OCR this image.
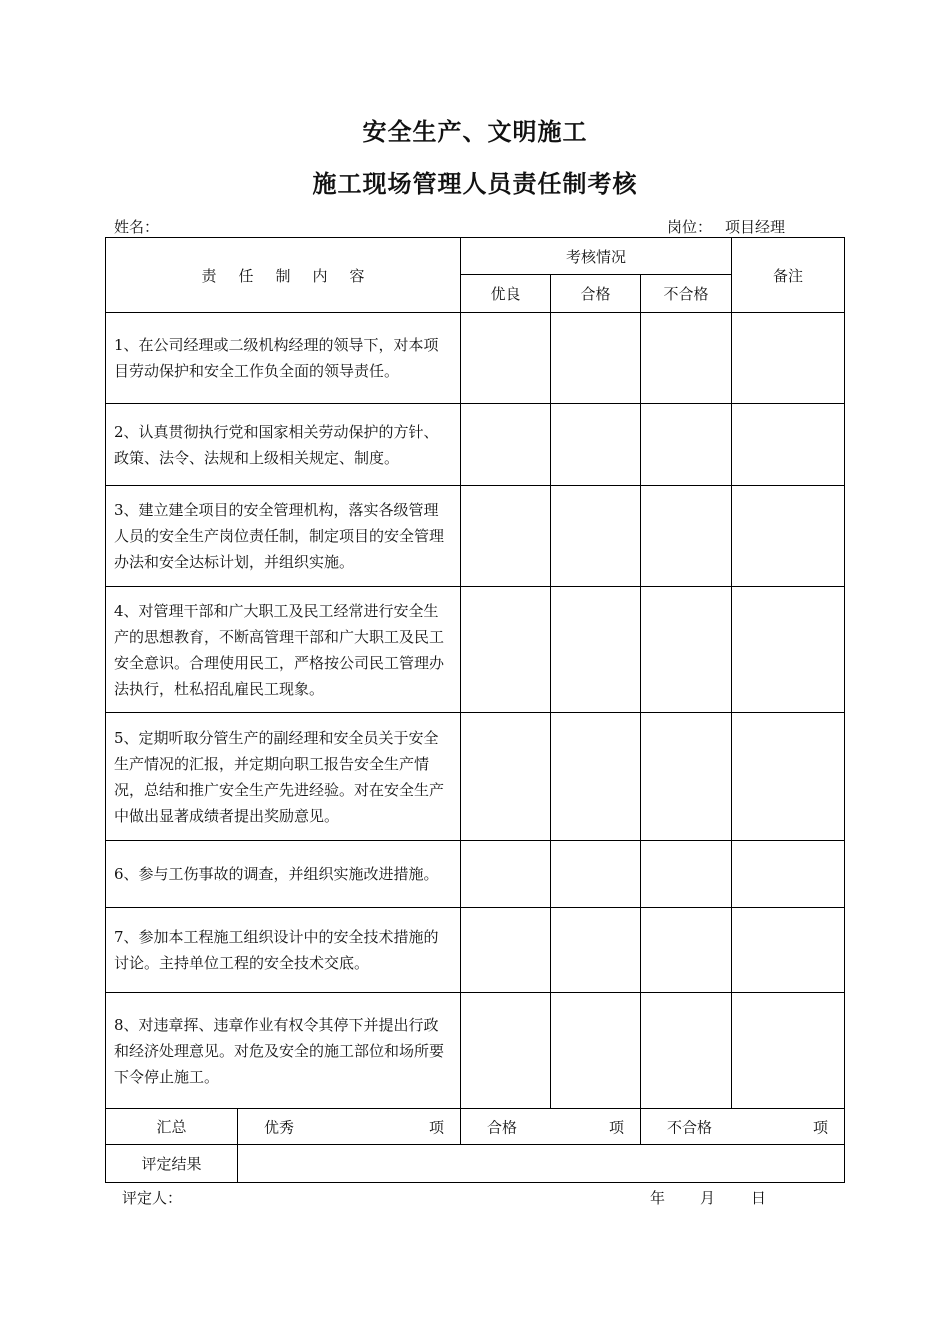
安全生产、文明施工
施工现场管理人员责任制考核
姓名：	岗位： 项目经理
责任制内容		考核情况			备注
		优良	合格	不合格	
1、在公司经理或二级机构经理的领导下，对本项目劳动保护和安全工作负全面的领导责任。					
2、认真贯彻执行党和国家相关劳动保护的方针、政策、法令、法规和上级相关规定、制度。					
3、建立建全项目的安全管理机构，落实各级管理人员的安全生产岗位责任制，制定项目的安全管理办法和安全达标计划，并组织实施。					
4、对管理干部和广大职工及民工经常进行安全生产的思想教育，不断高管理干部和广大职工及民工安全意识。合理使用民工，严格按公司民工管理办法执行，杜私招乱雇民工现象。					
5、定期听取分管生产的副经理和安全员关于安全生产情况的汇报，并定期向职工报告安全生产情况，总结和推广安全生产先进经验。对在安全生产中做出显著成绩者提出奖励意见。					
6、参与工伤事故的调查，并组织实施改进措施。					
7、参加本工程施工组织设计中的安全技术措施的讨论。主持单位工程的安全技术交底。					
8、对违章挥、违章作业有权令其停下并提出行政和经济处理意见。对危及安全的施工部位和场所要下令停止施工。					
汇总	优秀 项	合格 项		不合格 项	

评定结果					
评定人：	年 月 日
